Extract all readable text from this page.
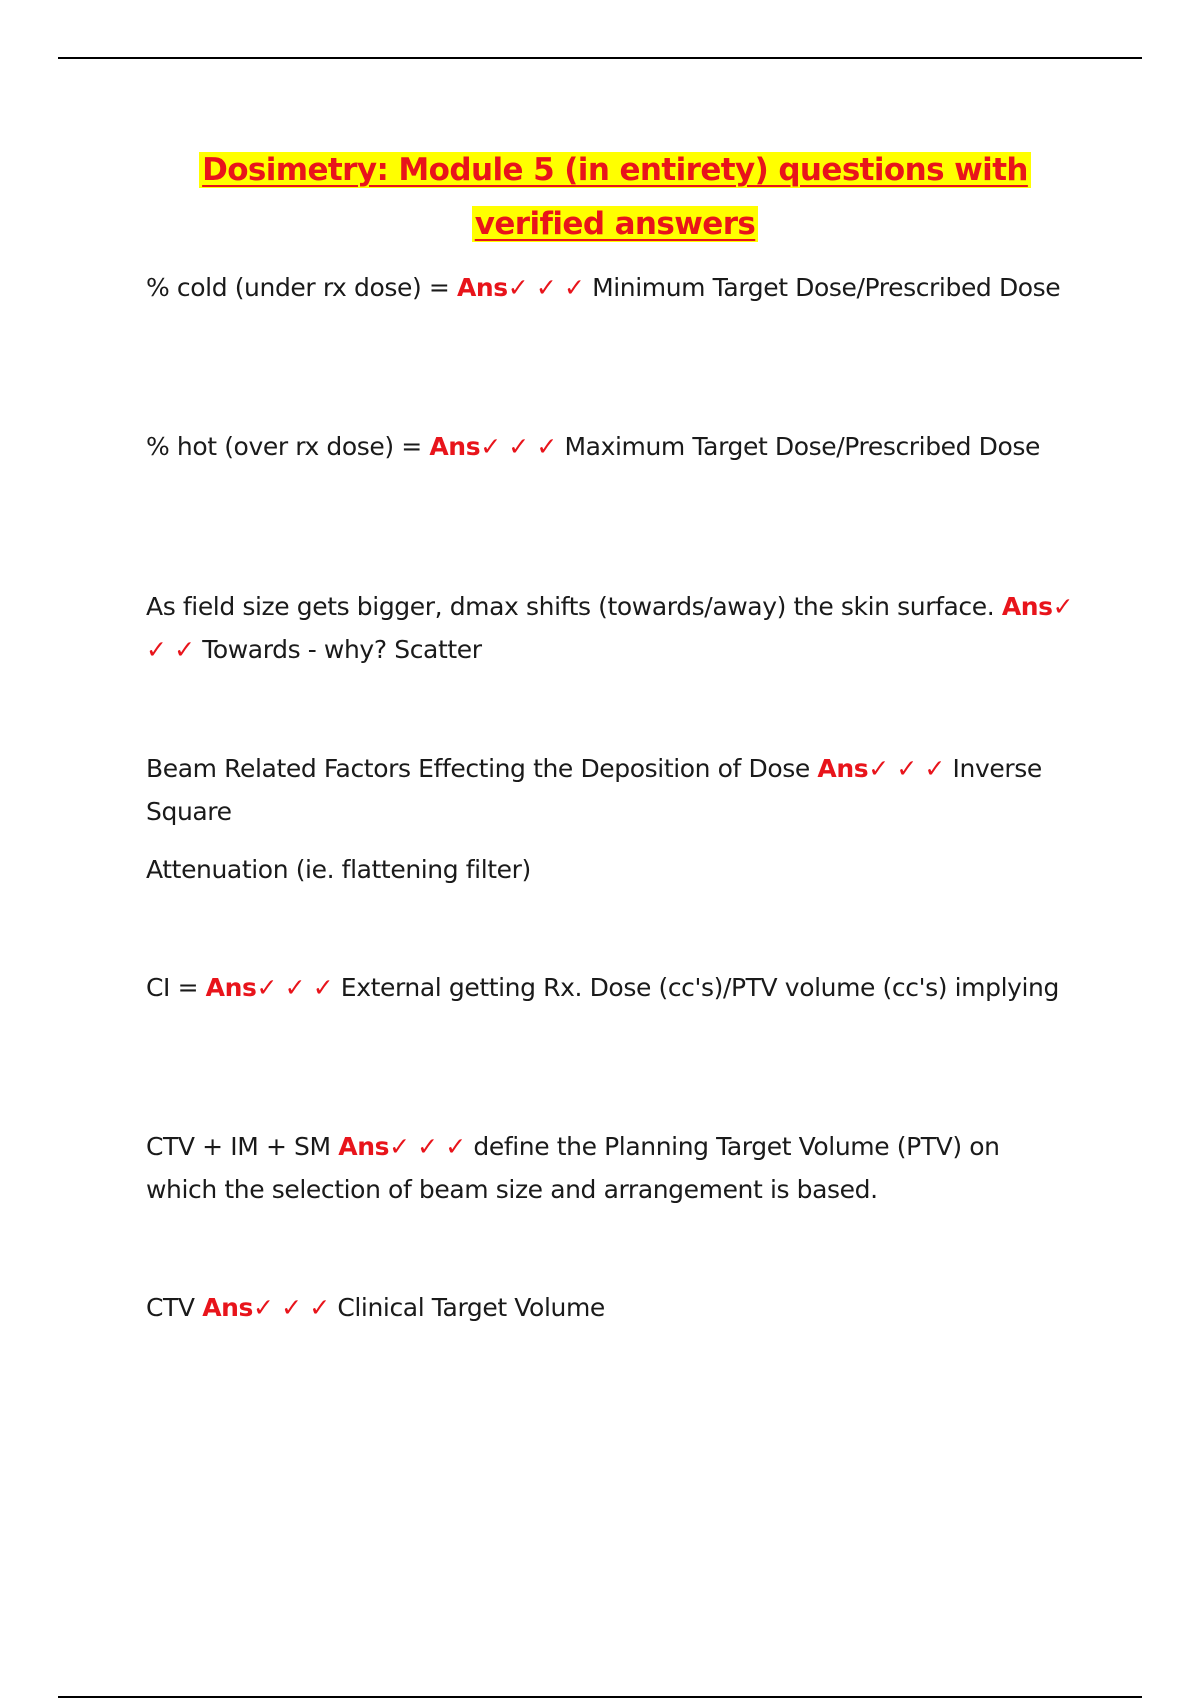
Dosimetry: Module 5 (in entirety) questions with verified answers

% cold (under rx dose) = Ans✓ ✓ ✓ Minimum Target Dose/Prescribed Dose

% hot (over rx dose) = Ans✓ ✓ ✓ Maximum Target Dose/Prescribed Dose

As field size gets bigger, dmax shifts (towards/away) the skin surface. Ans✓ ✓ ✓ Towards - why? Scatter

Beam Related Factors Effecting the Deposition of Dose Ans✓ ✓ ✓ Inverse Square

Attenuation (ie. flattening filter)

CI = Ans✓ ✓ ✓ External getting Rx. Dose (cc's)/PTV volume (cc's) implying

CTV + IM + SM Ans✓ ✓ ✓ define the Planning Target Volume (PTV) on which the selection of beam size and arrangement is based.

CTV Ans✓ ✓ ✓ Clinical Target Volume
